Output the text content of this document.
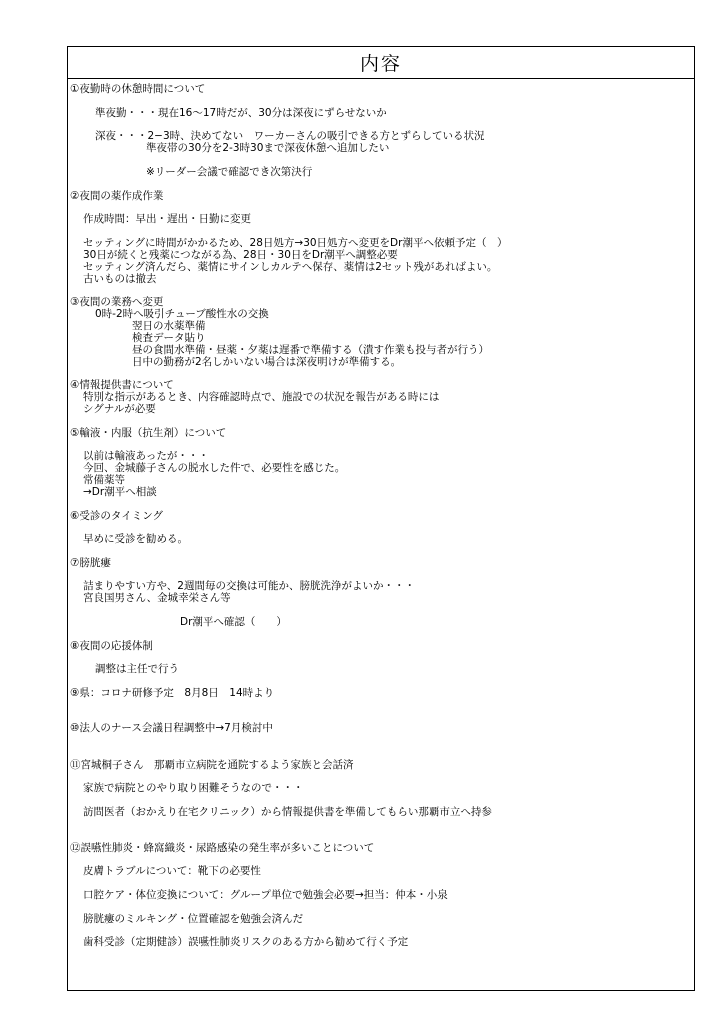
内容
①夜勤時の休憩時間について
準夜勤・・・現在16～17時だが、30分は深夜にずらせないか
深夜・・・2−3時、決めてない　ワーカーさんの吸引できる方とずらしている状況
準夜帯の30分を2-3時30まで深夜休憩へ追加したい
※リーダー会議で確認でき次第決行
②夜間の薬作成作業
作成時間：早出・遅出・日勤に変更
セッティングに時間がかかるため、28日処方→30日処方へ変更をDr潮平へ依頼予定（　）
30日が続くと残薬につながる為、28日・30日をDr潮平へ調整必要
セッティング済んだら、薬情にサインしカルテへ保存、薬情は2セット残があればよい。
古いものは撤去
③夜間の業務へ変更
0時-2時へ吸引チューブ酸性水の交換
翌日の水薬準備
検査データ貼り
昼の食間水準備・昼薬・夕薬は遅番で準備する（潰す作業も投与者が行う）
日中の勤務が2名しかいない場合は深夜明けが準備する。
④情報提供書について
特別な指示があるとき、内容確認時点で、施設での状況を報告がある時には
シグナルが必要
⑤輸液・内服（抗生剤）について
以前は輸液あったが・・・
今回、金城藤子さんの脱水した件で、必要性を感じた。
常備薬等
→Dr潮平へ相談
⑥受診のタイミング
早めに受診を勧める。
⑦膀胱瘻
詰まりやすい方や、2週間毎の交換は可能か、膀胱洗浄がよいか・・・
宮良国男さん、金城幸栄さん等
Dr潮平へ確認（　　）
⑧夜間の応援体制
調整は主任で行う
⑨県：コロナ研修予定　8月8日　14時より
⑩法人のナース会議日程調整中→7月検討中
⑪宮城桐子さん　那覇市立病院を通院するよう家族と会話済
家族で病院とのやり取り困難そうなので・・・
訪問医者（おかえり在宅クリニック）から情報提供書を準備してもらい那覇市立へ持参
⑫誤嚥性肺炎・蜂窩織炎・尿路感染の発生率が多いことについて
皮膚トラブルについて：靴下の必要性
口腔ケア・体位変換について：グループ単位で勉強会必要→担当：仲本・小泉
膀胱瘻のミルキング・位置確認を勉強会済んだ
歯科受診（定期健診）誤嚥性肺炎リスクのある方から勧めて行く予定
